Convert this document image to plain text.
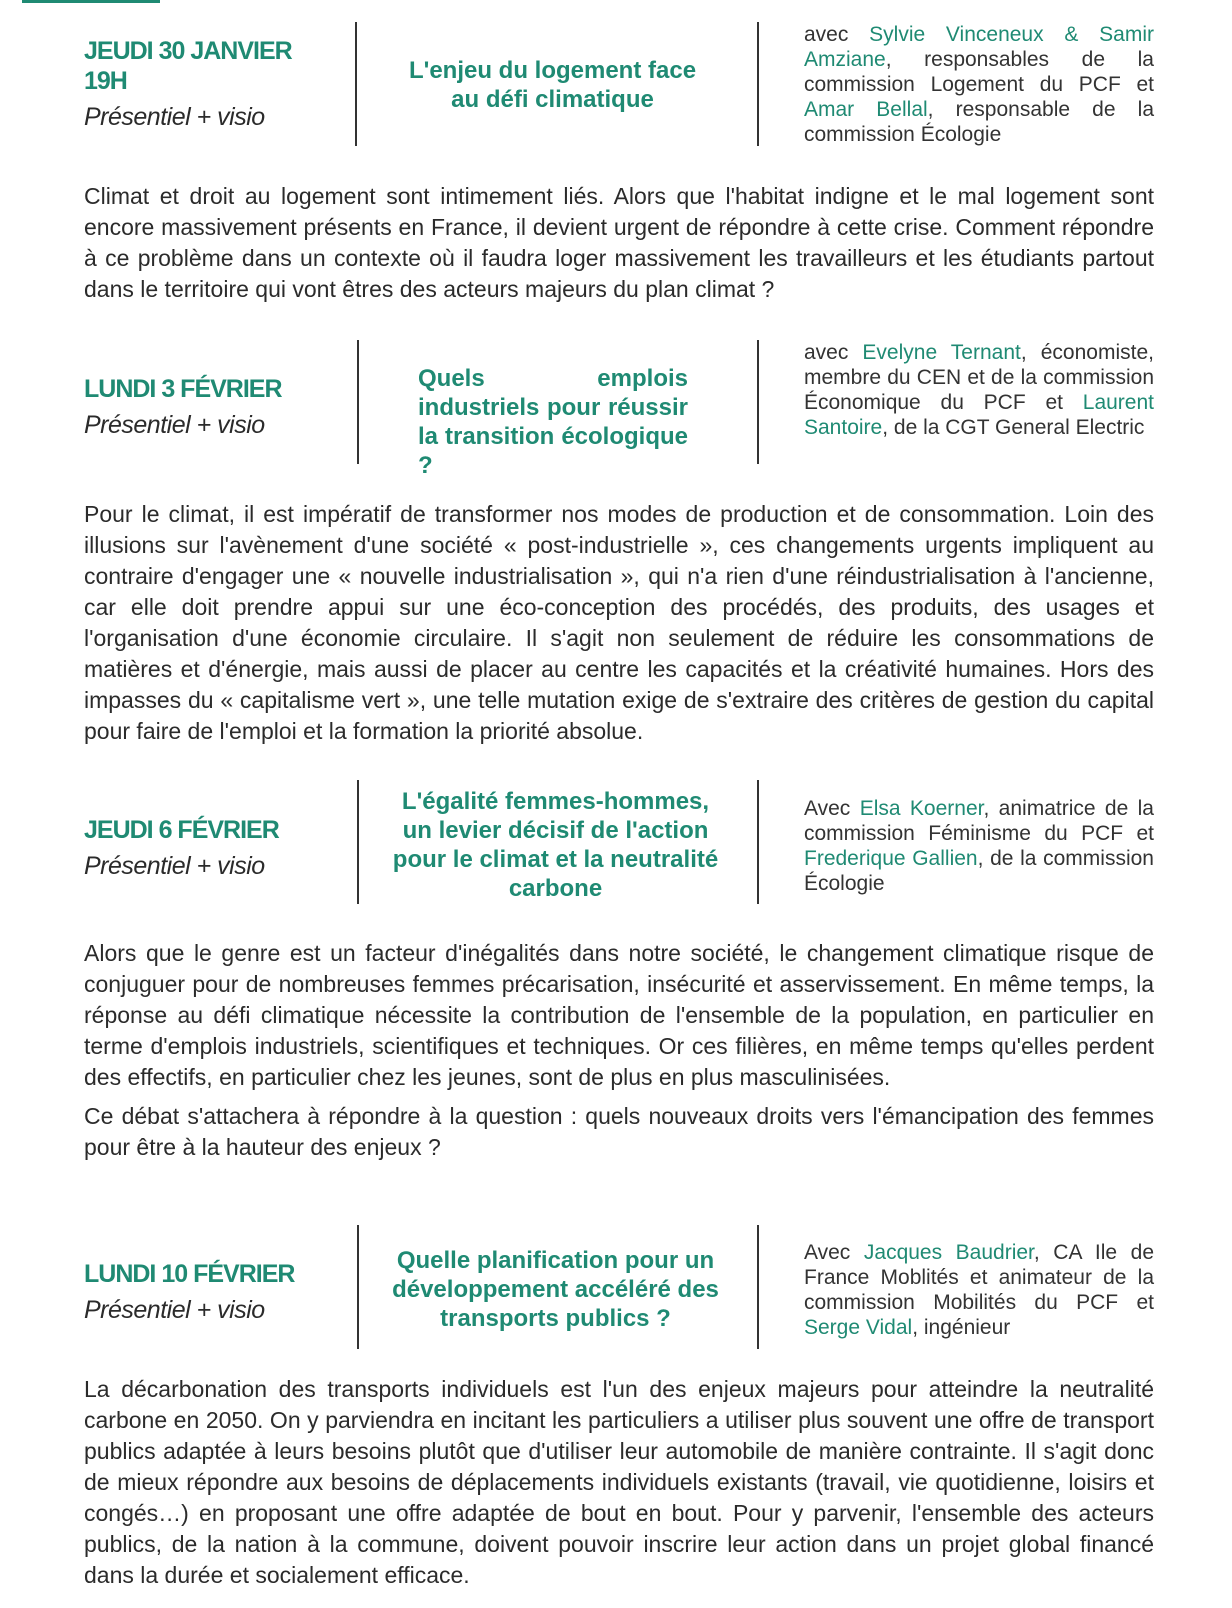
JEUDI 30 JANVIER 19H
Présentiel + visio
L'enjeu du logement face au défi climatique
avec Sylvie Vinceneux & Samir Amziane, responsables de la commission Logement du PCF et Amar Bellal, responsable de la commission Écologie

Climat et droit au logement sont intimement liés. Alors que l'habitat indigne et le mal logement sont encore massivement présents en France, il devient urgent de répondre à cette crise. Comment répondre à ce problème dans un contexte où il faudra loger massivement les travailleurs et les étudiants partout dans le territoire qui vont êtres des acteurs majeurs du plan climat ?

LUNDI 3 FÉVRIER
Présentiel + visio
Quels emplois industriels pour réussir la transition écologique ?
avec Evelyne Ternant, économiste, membre du CEN et de la commission Économique du PCF et Laurent Santoire, de la CGT General Electric

Pour le climat, il est impératif de transformer nos modes de production et de consommation. Loin des illusions sur l'avènement d'une société « post-industrielle », ces changements urgents impliquent au contraire d'engager une « nouvelle industrialisation », qui n'a rien d'une réindustrialisation à l'ancienne, car elle doit prendre appui sur une éco-conception des procédés, des produits, des usages et l'organisation d'une économie circulaire. Il s'agit non seulement de réduire les consommations de matières et d'énergie, mais aussi de placer au centre les capacités et la créativité humaines. Hors des impasses du « capitalisme vert », une telle mutation exige de s'extraire des critères de gestion du capital pour faire de l'emploi et la formation la priorité absolue.

JEUDI 6 FÉVRIER
Présentiel + visio
L'égalité femmes-hommes, un levier décisif de l'action pour le climat et la neutralité carbone
Avec Elsa Koerner, animatrice de la commission Féminisme du PCF et Frederique Gallien, de la commission Écologie

Alors que le genre est un facteur d'inégalités dans notre société, le changement climatique risque de conjuguer pour de nombreuses femmes précarisation, insécurité et asservissement. En même temps, la réponse au défi climatique nécessite la contribution de l'ensemble de la population, en particulier en terme d'emplois industriels, scientifiques et techniques. Or ces filières, en même temps qu'elles perdent des effectifs, en particulier chez les jeunes, sont de plus en plus masculinisées.

Ce débat s'attachera à répondre à la question : quels nouveaux droits vers l'émancipation des femmes pour être à la hauteur des enjeux ?

LUNDI 10 FÉVRIER
Présentiel + visio
Quelle planification pour un développement accéléré des transports publics ?
Avec Jacques Baudrier, CA Ile de France Moblités et animateur de la commission Mobilités du PCF et Serge Vidal, ingénieur

La décarbonation des transports individuels est l'un des enjeux majeurs pour atteindre la neutralité carbone en 2050. On y parviendra en incitant les particuliers a utiliser plus souvent une offre de transport publics adaptée à leurs besoins plutôt que d'utiliser leur automobile de manière contrainte. Il s'agit donc de mieux répondre aux besoins de déplacements individuels existants (travail, vie quotidienne, loisirs et congés…) en proposant une offre adaptée de bout en bout. Pour y parvenir, l'ensemble des acteurs publics, de la nation à la commune, doivent pouvoir inscrire leur action dans un projet global financé dans la durée et socialement efficace.
